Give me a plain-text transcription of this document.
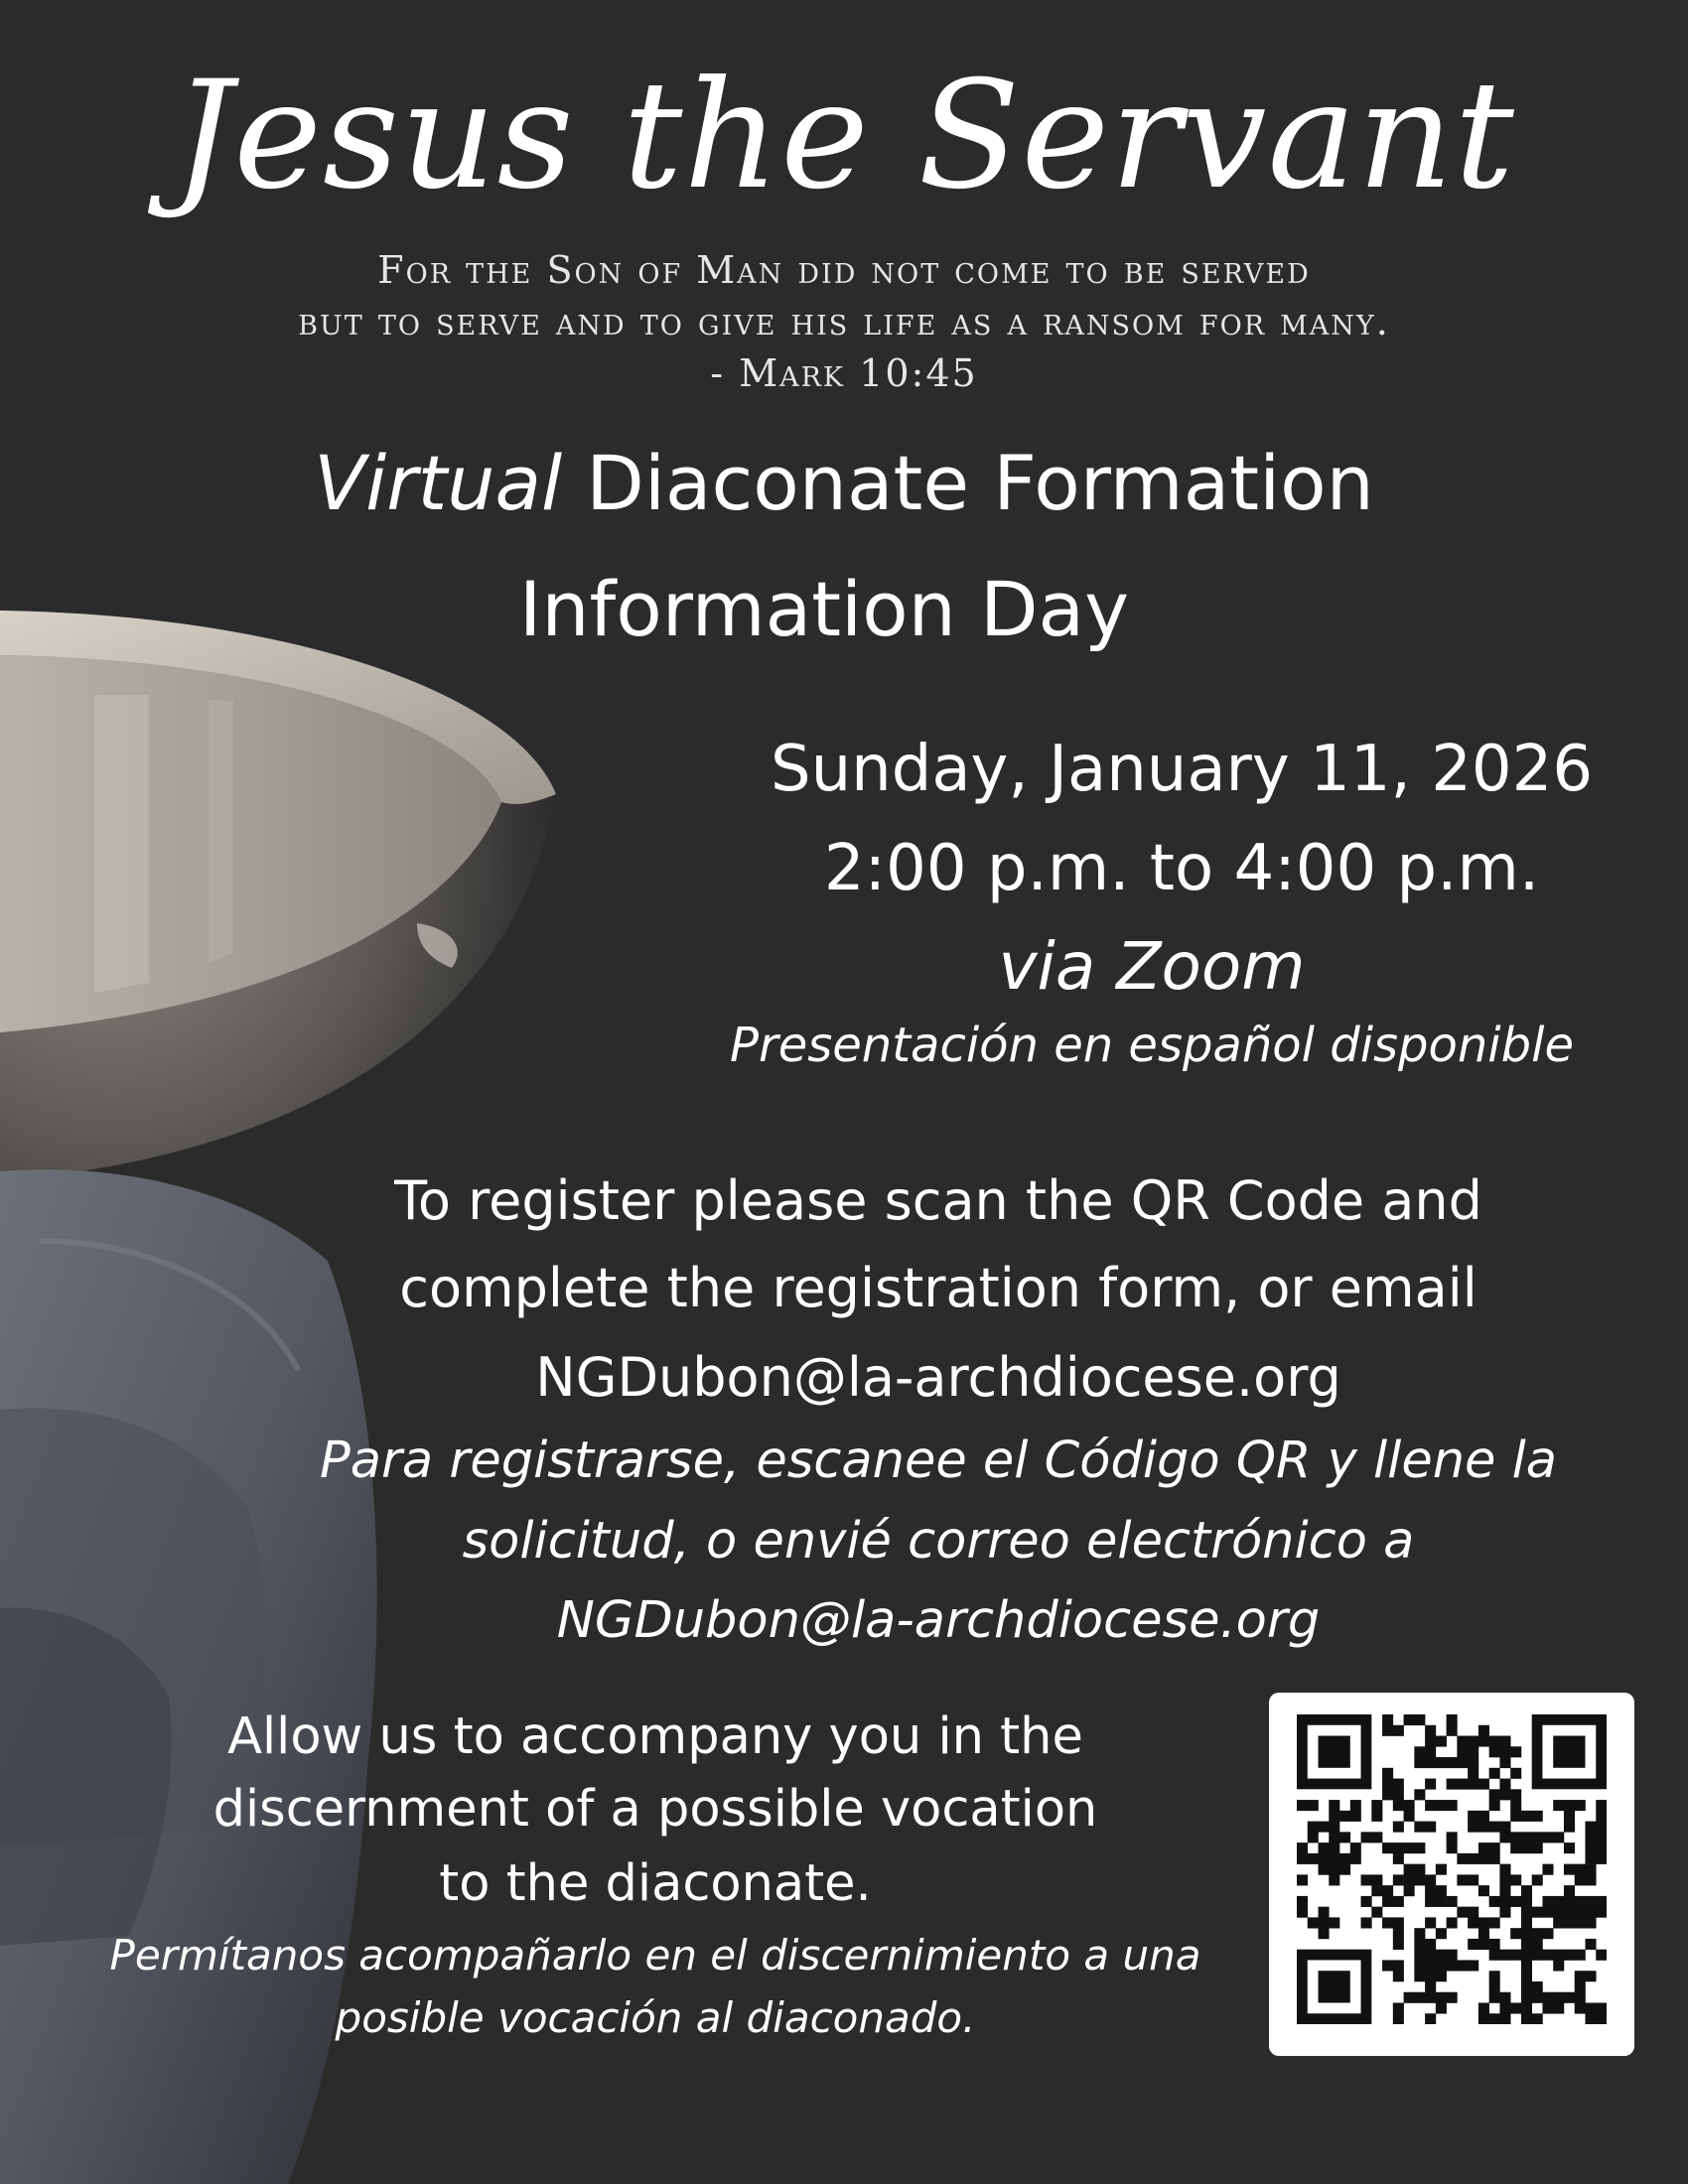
Jesus the Servant
For the Son of Man did not come to be served
but to serve and to give his life as a ransom for many.
- Mark 10:45
Virtual Diaconate Formation
Information Day
Sunday, January 11, 2026
2:00 p.m. to 4:00 p.m.
via Zoom
Presentación en español disponible
To register please scan the QR Code and
complete the registration form, or email
NGDubon@la-archdiocese.org
Para registrarse, escanee el Código QR y llene la
solicitud, o envié correo electrónico a
NGDubon@la-archdiocese.org
Allow us to accompany you in the
discernment of a possible vocation
to the diaconate.
Permítanos acompañarlo en el discernimiento a una
posible vocación al diaconado.
